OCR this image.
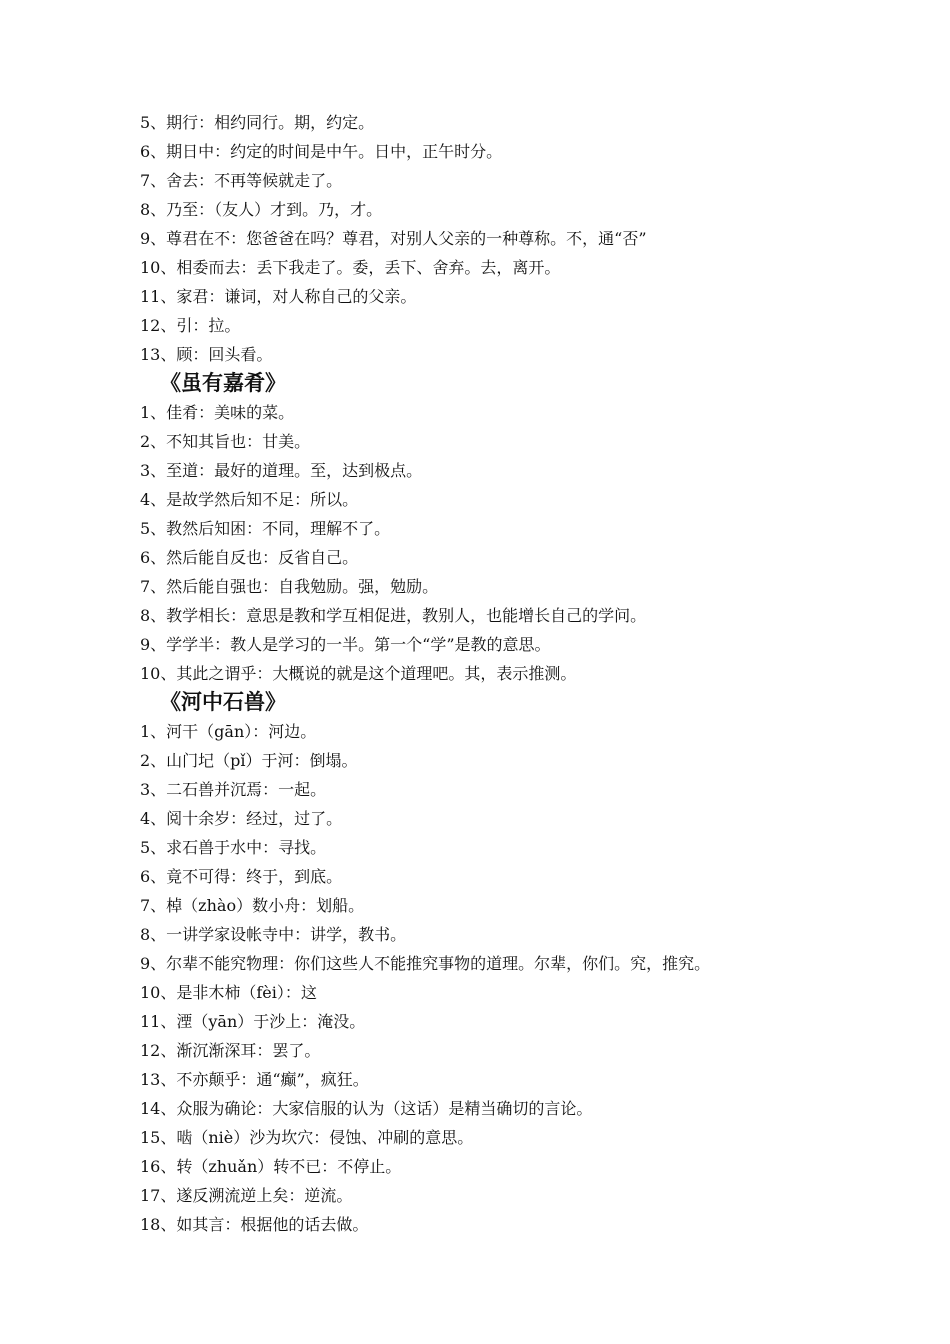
5、期行：相约同行。期，约定。
6、期日中：约定的时间是中午。日中，正午时分。
7、舍去：不再等候就走了。
8、乃至：（友人）才到。乃，才。
9、尊君在不：您爸爸在吗？尊君，对别人父亲的一种尊称。不，通“否”
10、相委而去：丢下我走了。委，丢下、舍弃。去，离开。
11、家君：谦词，对人称自己的父亲。
12、引：拉。
13、顾：回头看。
《虽有嘉肴》
1、佳肴：美味的菜。
2、不知其旨也：甘美。
3、至道：最好的道理。至，达到极点。
4、是故学然后知不足：所以。
5、教然后知困：不同，理解不了。
6、然后能自反也：反省自己。
7、然后能自强也：自我勉励。强，勉励。
8、教学相长：意思是教和学互相促进，教别人，也能增长自己的学问。
9、学学半：教人是学习的一半。第一个“学”是教的意思。
10、其此之谓乎：大概说的就是这个道理吧。其，表示推测。
《河中石兽》
1、河干（gān）：河边。
2、山门圮（pǐ）于河：倒塌。
3、二石兽并沉焉：一起。
4、阅十余岁：经过，过了。
5、求石兽于水中：寻找。
6、竟不可得：终于，到底。
7、棹（zhào）数小舟：划船。
8、一讲学家设帐寺中：讲学，教书。
9、尔辈不能究物理：你们这些人不能推究事物的道理。尔辈，你们。究，推究。
10、是非木柿（fèi）：这
11、湮（yān）于沙上：淹没。
12、渐沉渐深耳：罢了。
13、不亦颠乎：通“癫”，疯狂。
14、众服为确论：大家信服的认为（这话）是精当确切的言论。
15、啮（niè）沙为坎穴：侵蚀、冲刷的意思。
16、转（zhuǎn）转不已：不停止。
17、遂反溯流逆上矣：逆流。
18、如其言：根据他的话去做。
